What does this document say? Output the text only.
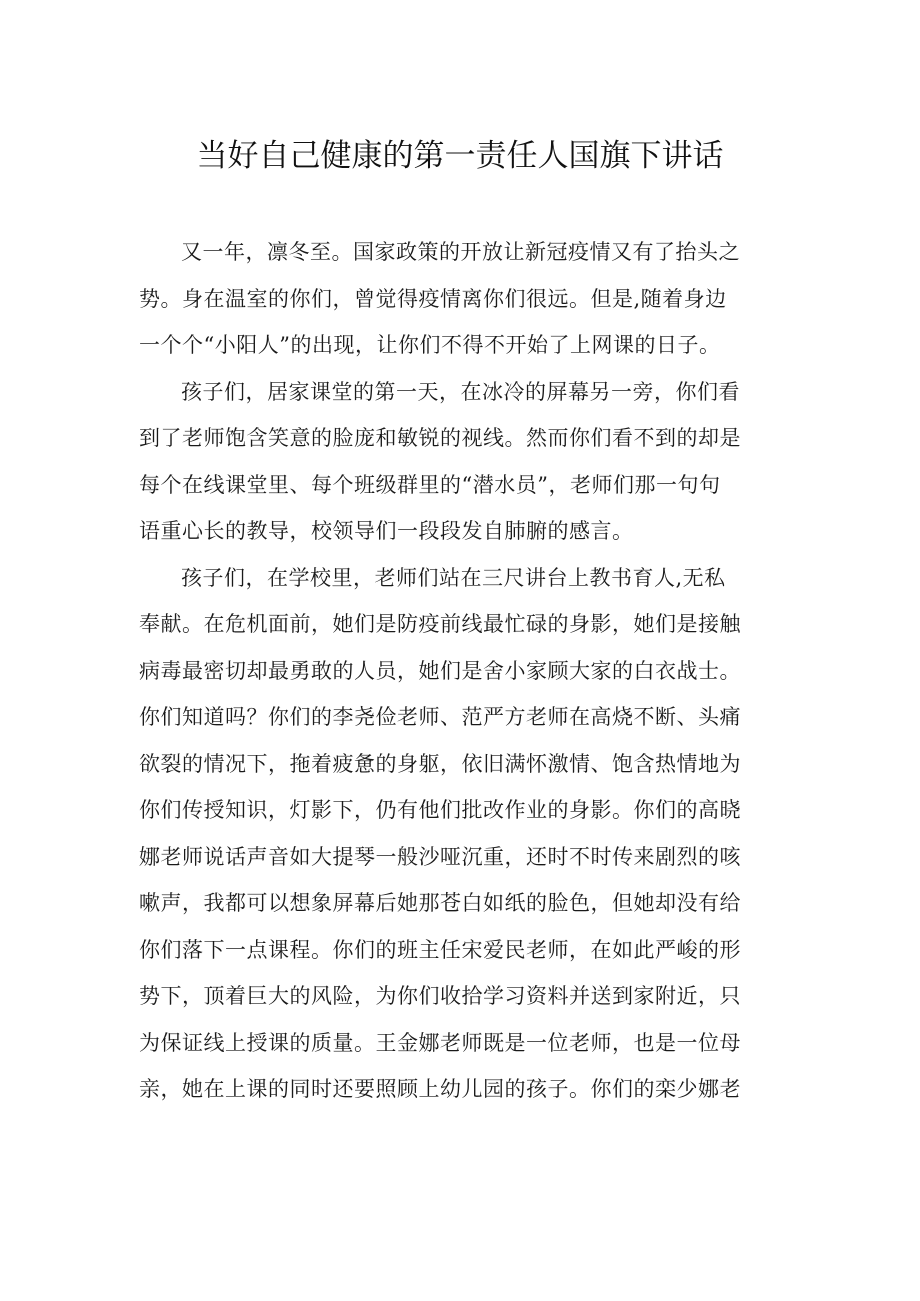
当好自己健康的第一责任人国旗下讲话

又一年，凛冬至。国家政策的开放让新冠疫情又有了抬头之
势。身在温室的你们，曾觉得疫情离你们很远。但是,随着身边
一个个“小阳人”的出现，让你们不得不开始了上网课的日子。

孩子们，居家课堂的第一天，在冰冷的屏幕另一旁，你们看
到了老师饱含笑意的脸庞和敏锐的视线。然而你们看不到的却是
每个在线课堂里、每个班级群里的“潜水员”，老师们那一句句
语重心长的教导，校领导们一段段发自肺腑的感言。

孩子们，在学校里，老师们站在三尺讲台上教书育人,无私
奉献。在危机面前，她们是防疫前线最忙碌的身影，她们是接触
病毒最密切却最勇敢的人员，她们是舍小家顾大家的白衣战士。
你们知道吗？你们的李尧俭老师、范严方老师在高烧不断、头痛
欲裂的情况下，拖着疲惫的身躯，依旧满怀激情、饱含热情地为
你们传授知识，灯影下，仍有他们批改作业的身影。你们的高晓
娜老师说话声音如大提琴一般沙哑沉重，还时不时传来剧烈的咳
嗽声，我都可以想象屏幕后她那苍白如纸的脸色，但她却没有给
你们落下一点课程。你们的班主任宋爱民老师，在如此严峻的形
势下，顶着巨大的风险，为你们收拾学习资料并送到家附近，只
为保证线上授课的质量。王金娜老师既是一位老师，也是一位母
亲，她在上课的同时还要照顾上幼儿园的孩子。你们的栾少娜老
